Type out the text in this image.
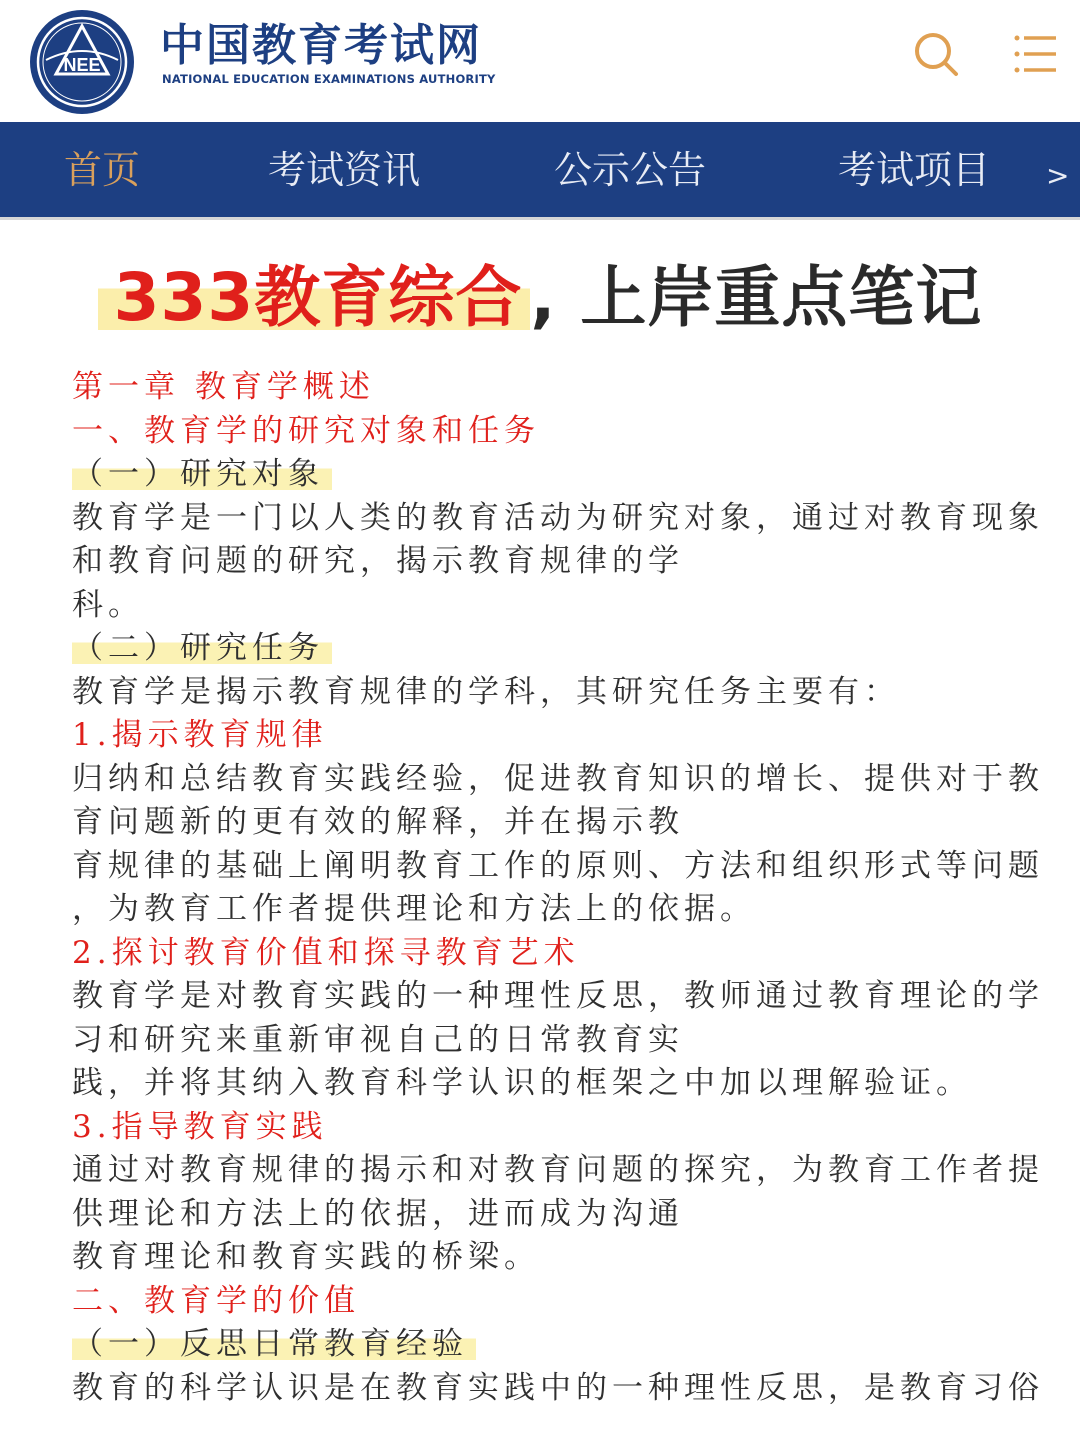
NEE 中国教育考试网
NATIONAL EDUCATION EXAMINATIONS AUTHORITY
首页	考试资讯	公示公告	考试项目 >
333教育综合 , 上岸重点笔记
第一章 教育学概述
一、教育学的研究对象和任务
（一）研究对象
教育学是一门以人类的教育活动为研究对象，通过对教育现象
和教育问题的研究，揭示教育规律的学
科。
（二）研究任务
教育学是揭示教育规律的学科，其研究任务主要有：
1.揭示教育规律
归纳和总结教育实践经验，促进教育知识的增长、提供对于教
育问题新的更有效的解释，并在揭示教
育规律的基础上阐明教育工作的原则、方法和组织形式等问题
，为教育工作者提供理论和方法上的依据。
2.探讨教育价值和探寻教育艺术
教育学是对教育实践的一种理性反思，教师通过教育理论的学
习和研究来重新审视自己的日常教育实
践，并将其纳入教育科学认识的框架之中加以理解验证。
3.指导教育实践
通过对教育规律的揭示和对教育问题的探究，为教育工作者提
供理论和方法上的依据，进而成为沟通
教育理论和教育实践的桥梁。
二、教育学的价值
（一）反思日常教育经验
教育的科学认识是在教育实践中的一种理性反思，是教育习俗
